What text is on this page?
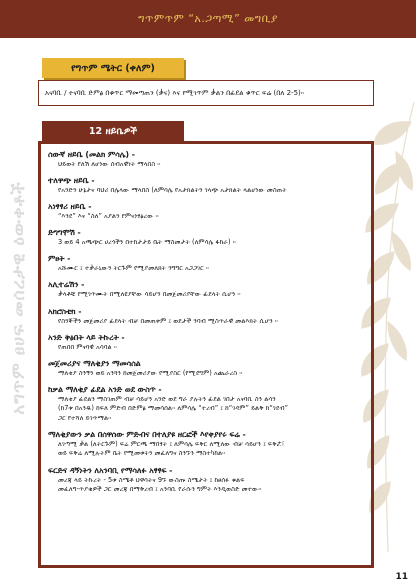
ግጥምጥም “አ.ጋጣሚ” መግቢያ
አግጥም ፀሀፍ መሰረታዊ ዕውቀቶች
የግጥም ሜትር (ቀለም)
አናባቢ / ተናባቢ ድምፅ በቁጥር ማመጣጠን (ቃና) እና የሚገጥም ቃልን በፊደል ቁጥር ፍሬ (በለ 2-5)፡፡
12 ዘይቤዎች
ሰውኛ ዘይቤ (መልክ ምሳሌ) -
ህይወት የለሽ ለሆነው ሰብአዊነት ማላበስ ፡፡
ተለዋጭ ዘይቤ -
የአንድን ሁኔታና ባህሪ በሌላው ማላበስ (ለምሳሌ የአታክልትን ገላጭ አታክልት ላልሆነው መስጠት
አነፃፃሪ ዘይቤ -
“እንደ” እና “ስለ” አያልን የምናነፃፅረው ፡፡
ድግግሞሽ -
3 ወይ 4 አጫጭር ሀረጎችን በተከታታይ ቤት ማስመታት (ለምሳሌ ፋከራ) ፡፡
ምፀት -
አሹሙር ፤ ተቃራኒውን ትርጉም የሚያመለክት ንግግር አጋጋገር ፡፡
አሊተሬሽን -
ቃላቶቹ የሚገጥሙት በሚለዩያቸው ሳይሆን በመጀመሪያቸው ፊደላት ሲሆን ፡፡
አክሮስቲክ -
የስንኞችን መጀመሪያ ፊደላት ብቻ በመጠቀም ፤ ወደታች ንባብ ሚስጥራዊ መልእክት ሲሆን ፡፡
አንድ ቅፅበት ላይ ትኩረት -
የጠበበ ምናባዊ አሳባል ፡፡
መጀመሪያና ማለቂያን ማመሳሰል
ማለቂያ ስንኝን ወይ አንጓን ከመጀመሪያው የሚያስር (የሚደግም) አጨራረስ ፡፡
ከቃል ማለቂያ ፊደል አንድ ወደ ውስጥ -
ማለቂያ ፊደልን ማስገጠም ብቻ ሳይሆን አንድ ወደ ግራ ያሉትን ፊደል ገበታ አናባቢ ስን ልሳን
(ከ7ቱ በአንዱ) ከፍለ ምድብ በድምፅ ማመሳሰል፡፡ ለምሳሌ “ተረብ” ፤ ከ“ገዳም” ይልቅ ከ“ገደብ”
ጋር የተሻለ ይገጥማል፡፡
ማለቂያውን ቃል በሰዋሰው ምድብና በተለያዩ ዘርፎች እየቀያየሩ ፍሬ -
ለገጣሚ ቃል (ለትርጉም) ፍሬ ምርጫ ማበፃት ፤ ለምሳሌ ፍቅር ለሚለው ብቻ ሳይሆን ፤ ፍቅሯ፣
ወይ ፍቅሬ ለሚሉትም ቤት የሚመቱትን መፈለግና ስንኙን ማስተካከል፡፡
ፍርድና ዳኝነትን ለአንባቢ የማሳለፉ አፃፃፍ -
መረጃ ላይ ትኩረት - 5ቱ ስሜቶ ህዋሳትና 9ኙ ውስጡ ስሜታት ፤ ከፀሰፉ ቁልፍ
መፈለግ-ጥያቄዎች ጋር መረጃ በማቅረብ ፤ አንባቢ የራሱን ግምት እንዲወስድ መተው፡፡
11
